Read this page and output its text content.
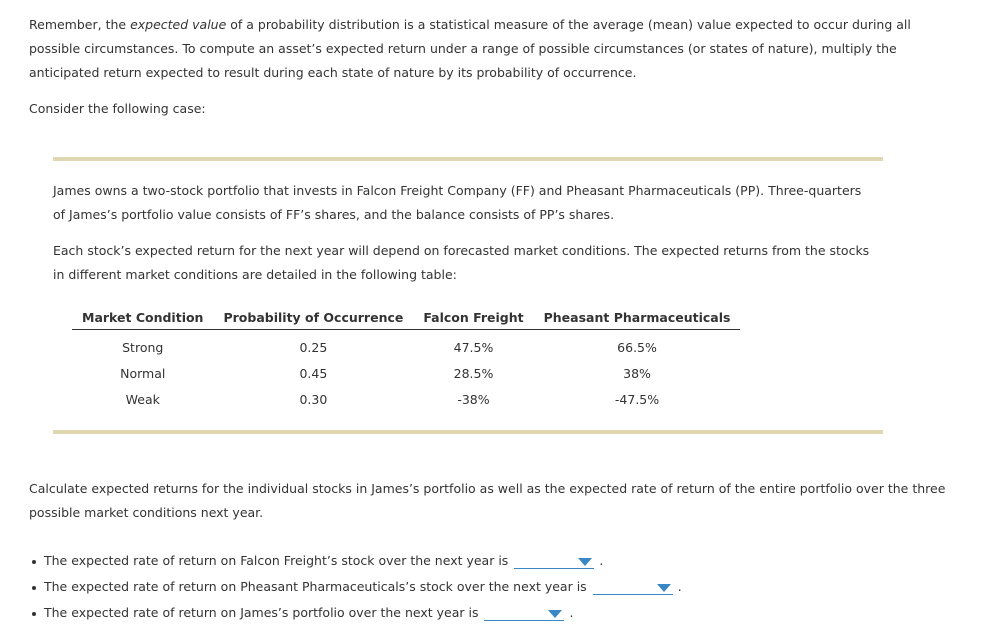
Remember, the expected value of a probability distribution is a statistical measure of the average (mean) value expected to occur during all possible circumstances. To compute an asset’s expected return under a range of possible circumstances (or states of nature), multiply the anticipated return expected to result during each state of nature by its probability of occurrence.
Consider the following case:
James owns a two-stock portfolio that invests in Falcon Freight Company (FF) and Pheasant Pharmaceuticals (PP). Three-quarters of James’s portfolio value consists of FF’s shares, and the balance consists of PP’s shares.
Each stock’s expected return for the next year will depend on forecasted market conditions. The expected returns from the stocks in different market conditions are detailed in the following table:
Market Condition	Probability of Occurrence	Falcon Freight	Pheasant Pharmaceuticals
Strong	0.25	47.5%	66.5%
Normal	0.45	28.5%	38%
Weak	0.30	-38%	-47.5%
Calculate expected returns for the individual stocks in James’s portfolio as well as the expected rate of return of the entire portfolio over the three possible market conditions next year.
The expected rate of return on Falcon Freight’s stock over the next year is	.
The expected rate of return on Pheasant Pharmaceuticals’s stock over the next year is	.
The expected rate of return on James’s portfolio over the next year is	.
